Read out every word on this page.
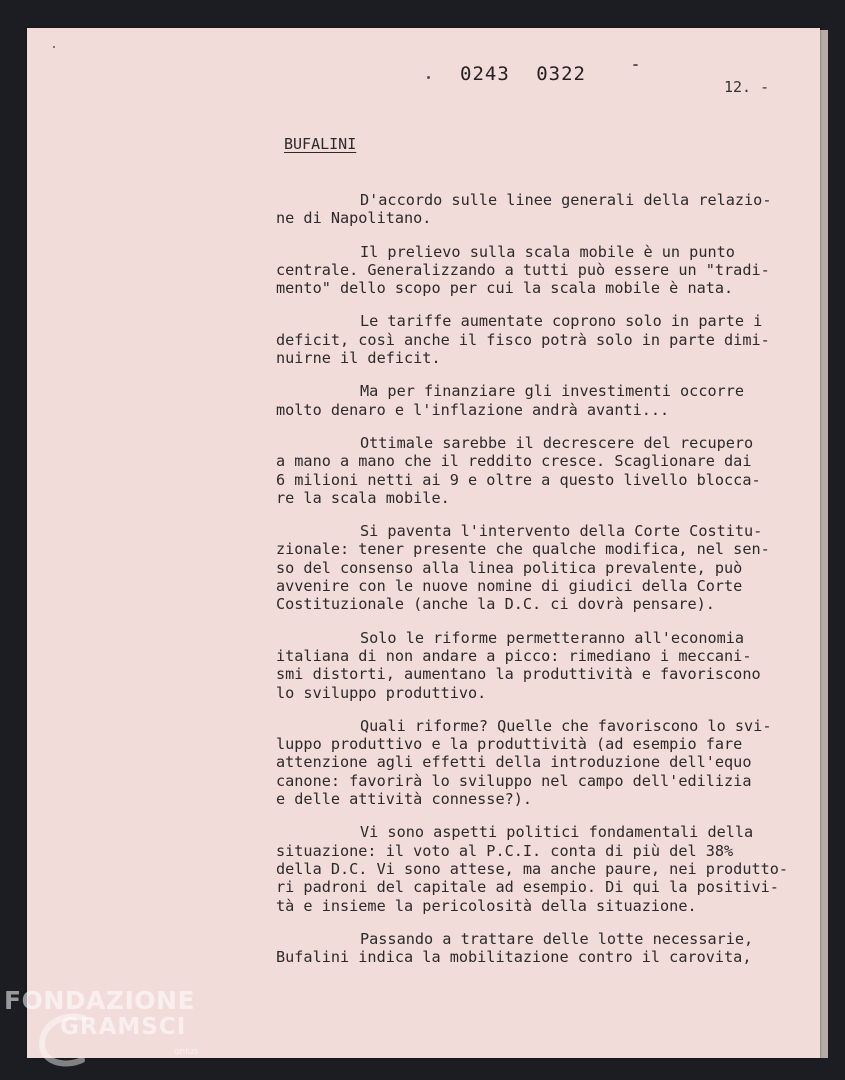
0243 0322
12. -
BUFALINI

D'accordo sulle linee generali della relazio-
ne di Napolitano.

Il prelievo sulla scala mobile è un punto
centrale. Generalizzando a tutti può essere un "tradi-
mento" dello scopo per cui la scala mobile è nata.

Le tariffe aumentate coprono solo in parte i
deficit, così anche il fisco potrà solo in parte dimi-
nuirne il deficit.

Ma per finanziare gli investimenti occorre
molto denaro e l'inflazione andrà avanti...

Ottimale sarebbe il decrescere del recupero
a mano a mano che il reddito cresce. Scaglionare dai
6 milioni netti ai 9 e oltre a questo livello blocca-
re la scala mobile.

Si paventa l'intervento della Corte Costitu-
zionale: tener presente che qualche modifica, nel sen-
so del consenso alla linea politica prevalente, può
avvenire con le nuove nomine di giudici della Corte
Costituzionale (anche la D.C. ci dovrà pensare).

Solo le riforme permetteranno all'economia
italiana di non andare a picco: rimediano i meccani-
smi distorti, aumentano la produttività e favoriscono
lo sviluppo produttivo.

Quali riforme? Quelle che favoriscono lo svi-
luppo produttivo e la produttività (ad esempio fare
attenzione agli effetti della introduzione dell'equo
canone: favorirà lo sviluppo nel campo dell'edilizia
e delle attività connesse?).

Vi sono aspetti politici fondamentali della
situazione: il voto al P.C.I. conta di più del 38%
della D.C. Vi sono attese, ma anche paure, nei produtto-
ri padroni del capitale ad esempio. Di qui la positivi-
tà e insieme la pericolosità della situazione.

Passando a trattare delle lotte necessarie,
Bufalini indica la mobilitazione contro il carovita,

FONDAZIONE
GRAMSCI
onlus
